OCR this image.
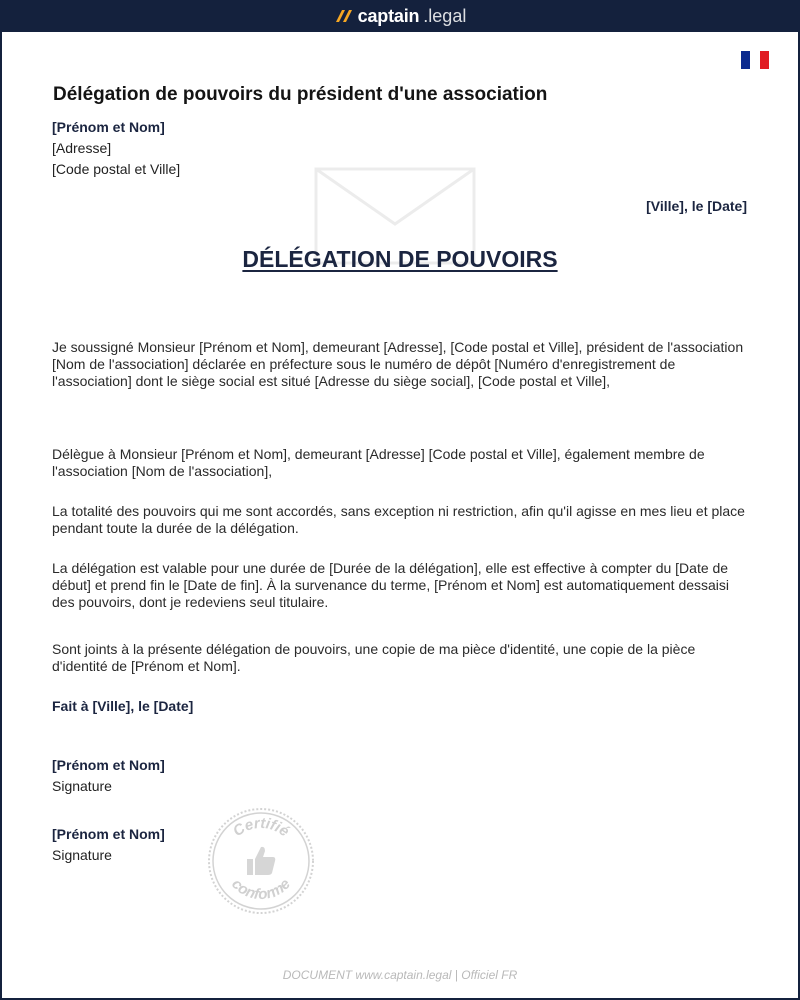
captain .legal
Délégation de pouvoirs du président d'une association
[Prénom et Nom]
[Adresse]
[Code postal et Ville]
[Ville], le [Date]
DÉLÉGATION DE POUVOIRS

Je soussigné Monsieur [Prénom et Nom], demeurant [Adresse], [Code postal et Ville], président de l'association [Nom de l'association] déclarée en préfecture sous le numéro de dépôt [Numéro d'enregistrement de l'association] dont le siège social est situé [Adresse du siège social], [Code postal et Ville],

Délègue à Monsieur [Prénom et Nom], demeurant [Adresse] [Code postal et Ville], également membre de l'association [Nom de l'association],

La totalité des pouvoirs qui me sont accordés, sans exception ni restriction, afin qu'il agisse en mes lieu et place pendant toute la durée de la délégation.

La délégation est valable pour une durée de [Durée de la délégation], elle est effective à compter du [Date de début] et prend fin le [Date de fin]. À la survenance du terme, [Prénom et Nom] est automatiquement dessaisi des pouvoirs, dont je redeviens seul titulaire.

Sont joints à la présente délégation de pouvoirs, une copie de ma pièce d'identité, une copie de la pièce d'identité de [Prénom et Nom].

Fait à [Ville], le [Date]
[Prénom et Nom]
Signature
[Prénom et Nom]
Signature
Certifié
conforme
DOCUMENT www.captain.legal | Officiel FR
